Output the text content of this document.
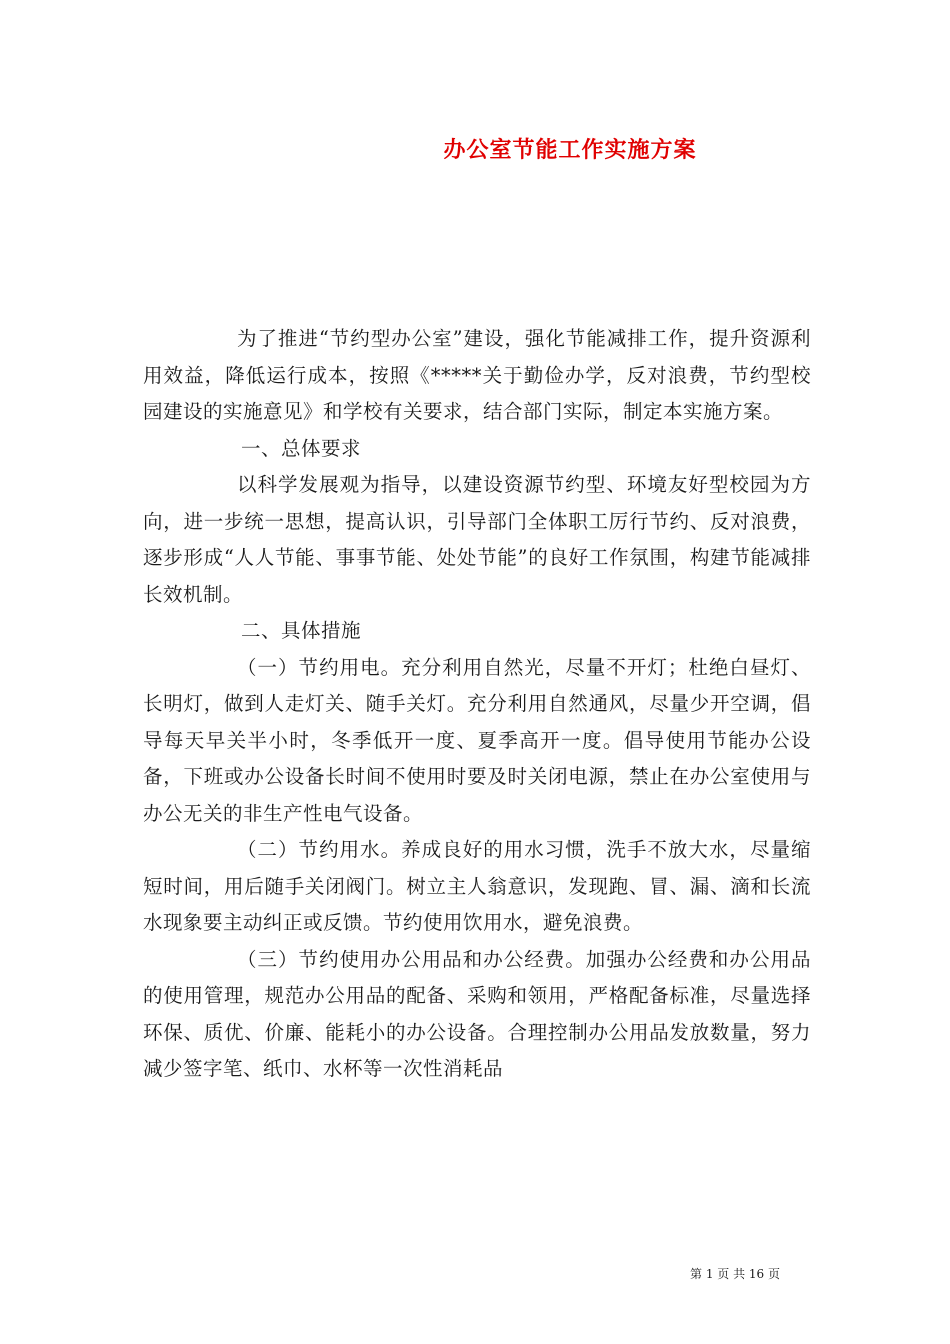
办公室节能工作实施方案

为了推进“节约型办公室”建设，强化节能减排工作，提升资源利用效益，降低运行成本，按照《*****关于勤俭办学，反对浪费，节约型校园建设的实施意见》和学校有关要求，结合部门实际，制定本实施方案。

一、总体要求

以科学发展观为指导，以建设资源节约型、环境友好型校园为方向，进一步统一思想，提高认识，引导部门全体职工厉行节约、反对浪费，逐步形成“人人节能、事事节能、处处节能”的良好工作氛围，构建节能减排长效机制。

二、具体措施

（一）节约用电。充分利用自然光，尽量不开灯；杜绝白昼灯、长明灯，做到人走灯关、随手关灯。充分利用自然通风，尽量少开空调，倡导每天早关半小时，冬季低开一度、夏季高开一度。倡导使用节能办公设备，下班或办公设备长时间不使用时要及时关闭电源，禁止在办公室使用与办公无关的非生产性电气设备。

（二）节约用水。养成良好的用水习惯，洗手不放大水，尽量缩短时间，用后随手关闭阀门。树立主人翁意识，发现跑、冒、漏、滴和长流水现象要主动纠正或反馈。节约使用饮用水，避免浪费。

（三）节约使用办公用品和办公经费。加强办公经费和办公用品的使用管理，规范办公用品的配备、采购和领用，严格配备标准，尽量选择环保、质优、价廉、能耗小的办公设备。合理控制办公用品发放数量，努力减少签字笔、纸巾、水杯等一次性消耗品

第 1 页 共 16 页
